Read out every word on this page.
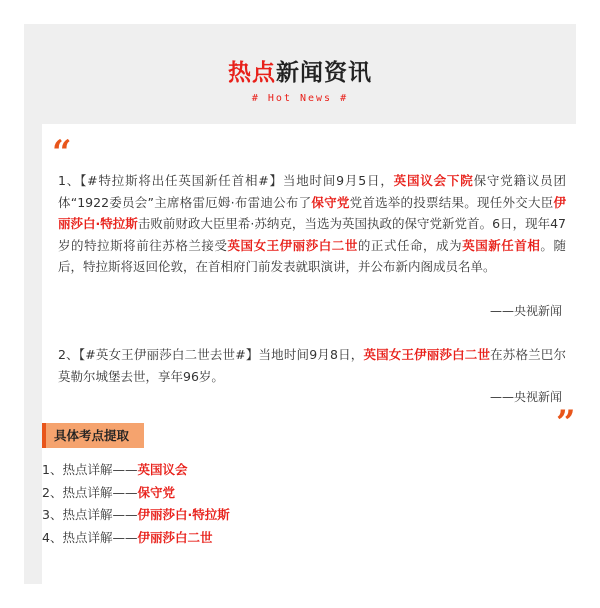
热点新闻资讯
# Hot News #
“
1、【#特拉斯将出任英国新任首相#】当地时间9月5日，英国议会下院保守党籍议员团体“1922委员会”主席格雷厄姆·布雷迪公布了保守党党首选举的投票结果。现任外交大臣伊丽莎白·特拉斯击败前财政大臣里希·苏纳克，当选为英国执政的保守党新党首。6日，现年47岁的特拉斯将前往苏格兰接受英国女王伊丽莎白二世的正式任命，成为英国新任首相。随后，特拉斯将返回伦敦，在首相府门前发表就职演讲，并公布新内阁成员名单。
——央视新闻
2、【#英女王伊丽莎白二世去世#】当地时间9月8日，英国女王伊丽莎白二世在苏格兰巴尔莫勒尔城堡去世，享年96岁。
——央视新闻
”
具体考点提取
1、热点详解——英国议会
2、热点详解——保守党
3、热点详解——伊丽莎白·特拉斯
4、热点详解——伊丽莎白二世
